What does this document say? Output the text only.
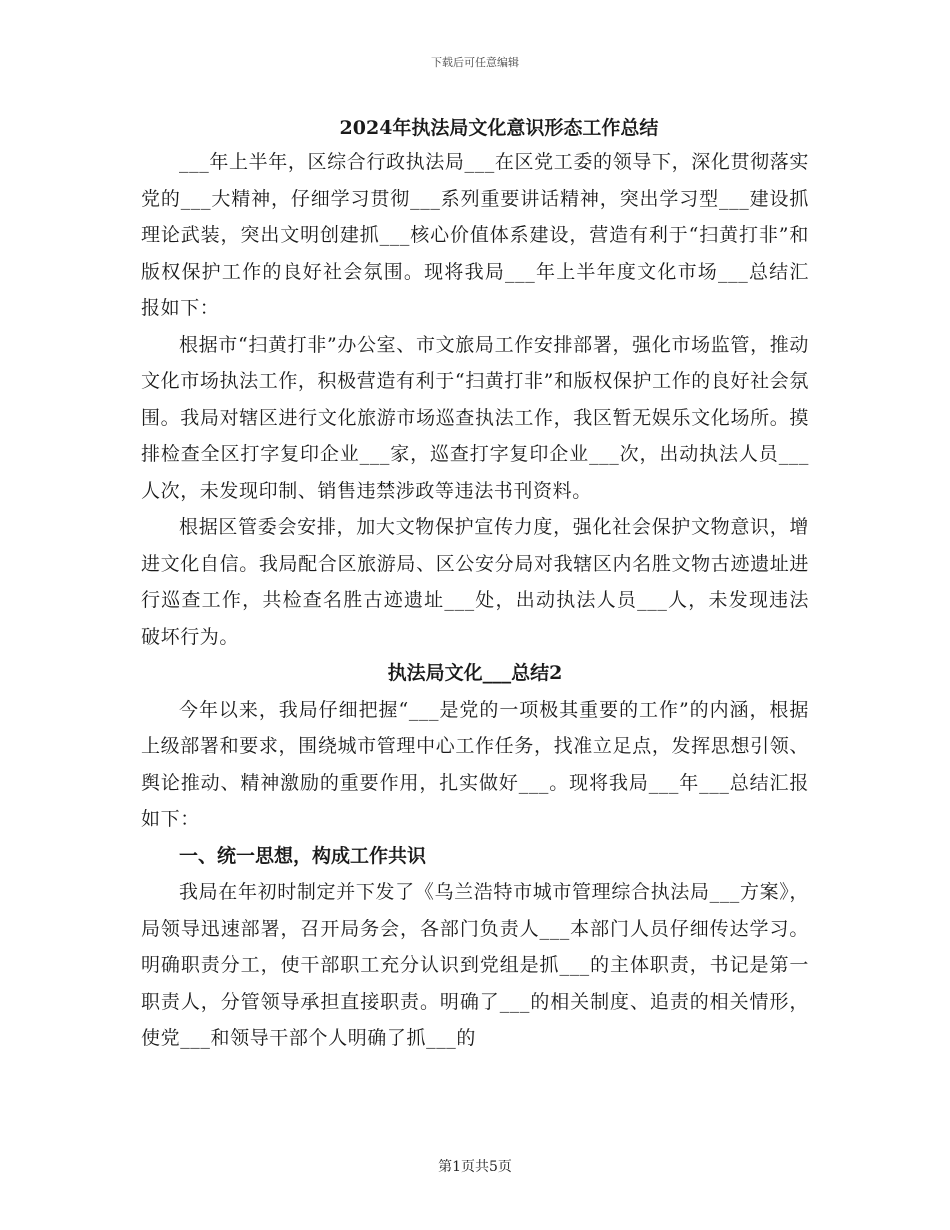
下载后可任意编辑
2024年执法局文化意识形态工作总结

___年上半年，区综合行政执法局___在区党工委的领导下，深化贯彻落实党的___大精神，仔细学习贯彻___系列重要讲话精神，突出学习型___建设抓理论武装，突出文明创建抓___核心价值体系建设，营造有利于“扫黄打非”和版权保护工作的良好社会氛围。现将我局___年上半年度文化市场___总结汇报如下：

根据市“扫黄打非”办公室、市文旅局工作安排部署，强化市场监管，推动文化市场执法工作，积极营造有利于“扫黄打非”和版权保护工作的良好社会氛围。我局对辖区进行文化旅游市场巡查执法工作，我区暂无娱乐文化场所。摸排检查全区打字复印企业___家，巡查打字复印企业___次，出动执法人员___人次，未发现印制、销售违禁涉政等违法书刊资料。

根据区管委会安排，加大文物保护宣传力度，强化社会保护文物意识，增进文化自信。我局配合区旅游局、区公安分局对我辖区内名胜文物古迹遗址进行巡查工作，共检查名胜古迹遗址___处，出动执法人员___人，未发现违法破坏行为。

执法局文化___总结2

今年以来，我局仔细把握“___是党的一项极其重要的工作”的内涵，根据上级部署和要求，围绕城市管理中心工作任务，找准立足点，发挥思想引领、舆论推动、精神激励的重要作用，扎实做好___。现将我局___年___总结汇报如下：

一、统一思想，构成工作共识

我局在年初时制定并下发了《乌兰浩特市城市管理综合执法局___方案》，局领导迅速部署，召开局务会，各部门负责人___本部门人员仔细传达学习。明确职责分工，使干部职工充分认识到党组是抓___的主体职责，书记是第一职责人，分管领导承担直接职责。明确了___的相关制度、追责的相关情形，使党___和领导干部个人明确了抓___的

第1页共5页
